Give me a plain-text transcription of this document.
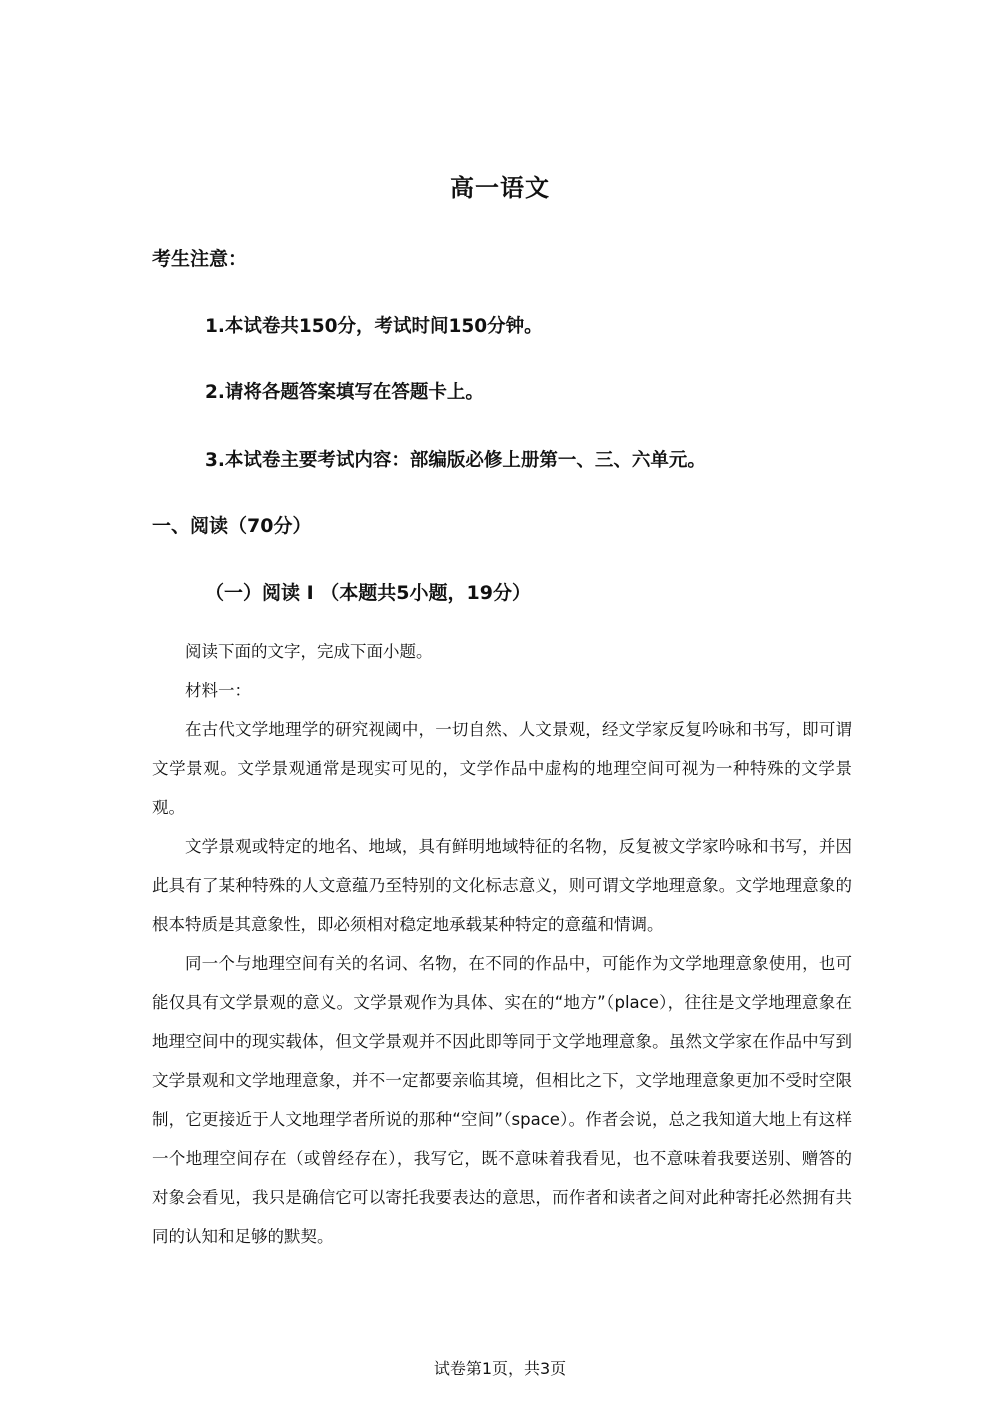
高一语文
考生注意：
1.本试卷共150分，考试时间150分钟。
2.请将各题答案填写在答题卡上。
3.本试卷主要考试内容：部编版必修上册第一、三、六单元。
一、阅读（70分）
（一）阅读 I （本题共5小题，19分）

阅读下面的文字，完成下面小题。

材料一：

在古代文学地理学的研究视阈中，一切自然、人文景观，经文学家反复吟咏和书写，即可谓文学景观。文学景观通常是现实可见的，文学作品中虚构的地理空间可视为一种特殊的文学景观。

文学景观或特定的地名、地域，具有鲜明地域特征的名物，反复被文学家吟咏和书写，并因此具有了某种特殊的人文意蕴乃至特别的文化标志意义，则可谓文学地理意象。文学地理意象的根本特质是其意象性，即必须相对稳定地承载某种特定的意蕴和情调。

同一个与地理空间有关的名词、名物，在不同的作品中，可能作为文学地理意象使用，也可能仅具有文学景观的意义。文学景观作为具体、实在的“地方”（place），往往是文学地理意象在地理空间中的现实载体，但文学景观并不因此即等同于文学地理意象。虽然文学家在作品中写到文学景观和文学地理意象，并不一定都要亲临其境，但相比之下，文学地理意象更加不受时空限制，它更接近于人文地理学者所说的那种“空间”（space）。作者会说，总之我知道大地上有这样一个地理空间存在（或曾经存在），我写它，既不意味着我看见，也不意味着我要送别、赠答的对象会看见，我只是确信它可以寄托我要表达的意思，而作者和读者之间对此种寄托必然拥有共同的认知和足够的默契。

试卷第1页，共3页
